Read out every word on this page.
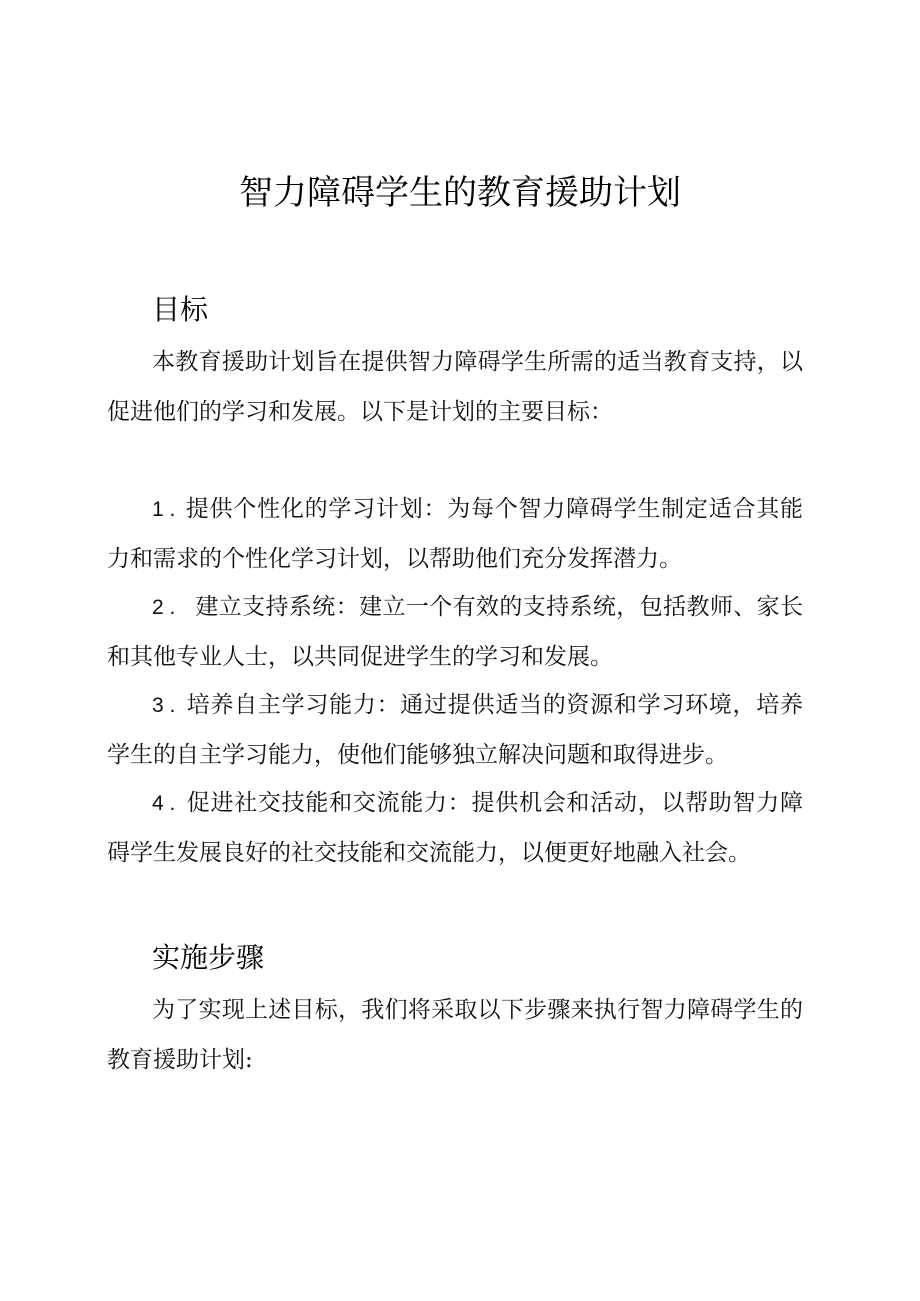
智力障碍学生的教育援助计划
目标

本教育援助计划旨在提供智力障碍学生所需的适当教育支持，以促进他们的学习和发展。以下是计划的主要目标：

1 . 提供个性化的学习计划：为每个智力障碍学生制定适合其能力和需求的个性化学习计划，以帮助他们充分发挥潜力。
2 . 建立支持系统：建立一个有效的支持系统，包括教师、家长和其他专业人士，以共同促进学生的学习和发展。
3 . 培养自主学习能力：通过提供适当的资源和学习环境，培养学生的自主学习能力，使他们能够独立解决问题和取得进步。
4 . 促进社交技能和交流能力：提供机会和活动，以帮助智力障碍学生发展良好的社交技能和交流能力，以便更好地融入社会。
实施步骤

为了实现上述目标，我们将采取以下步骤来执行智力障碍学生的教育援助计划:
